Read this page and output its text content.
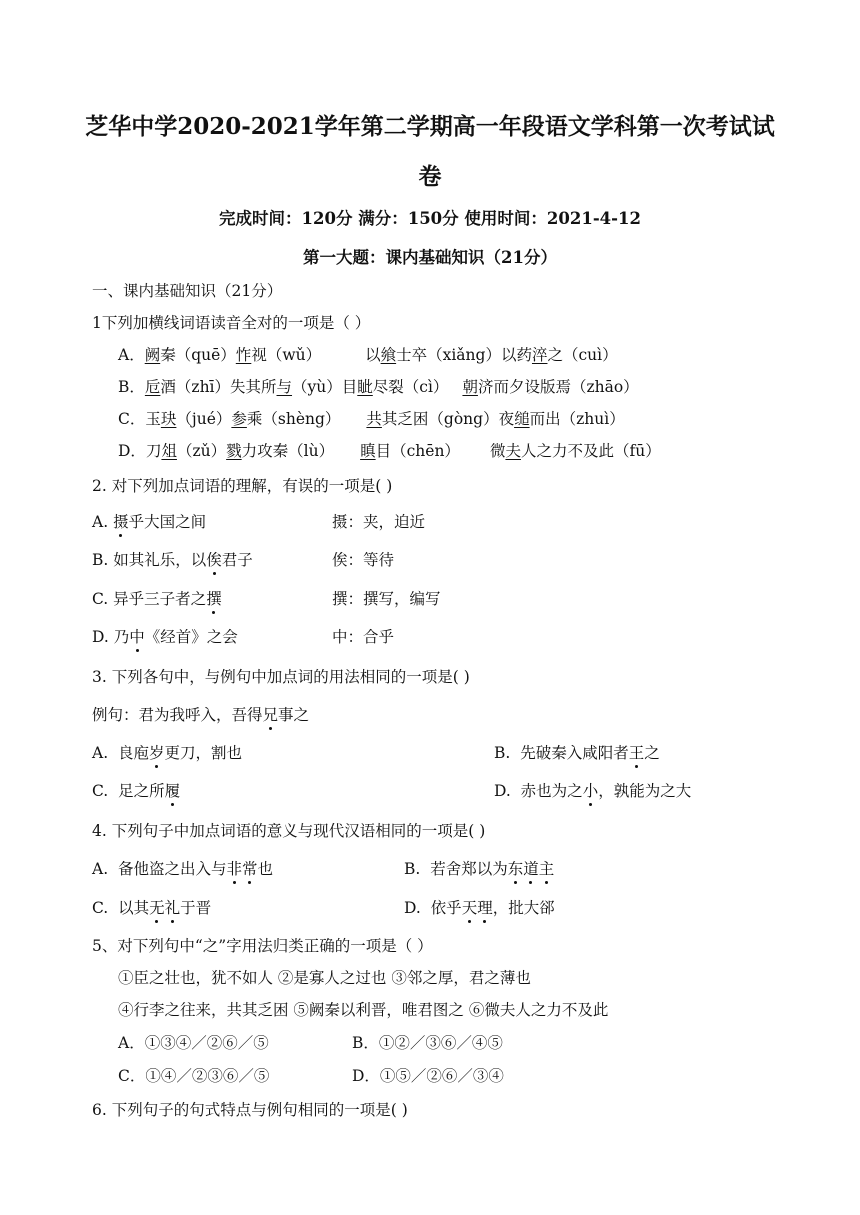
芝华中学2020-2021学年第二学期高一年段语文学科第一次考试试
卷
完成时间：120分 满分：150分 使用时间：2021-4-12
第一大题：课内基础知识（21分）
一、课内基础知识（21分）
1下列加横线词语读音全对的一项是（ ）
A．阙秦（quē）怍视（wǔ）	以飨士卒（xiǎng）以药淬之（cuì）
B．卮酒（zhī）失其所与（yù）目眦尽裂（cì） 朝济而夕设版焉（zhāo）
C．玉玦（jué）参乘（shèng） 共其乏困（gòng）夜缒而出（zhuì）
D．刀俎（zǔ）戮力攻秦（lù） 瞋目（chēn） 微夫人之力不及此（fū）
2. 对下列加点词语的理解，有误的一项是( )
A. 摄乎大国之间	摄：夹，迫近
B. 如其礼乐，以俟君子	俟：等待
C. 异乎三子者之撰	撰：撰写，编写
D. 乃中《经首》之会	中：合乎
3. 下列各句中，与例句中加点词的用法相同的一项是( )
例句：君为我呼入，吾得兄事之
A. 良庖岁更刀，割也	B. 先破秦入咸阳者王之
C. 足之所履	D. 赤也为之小，孰能为之大
4. 下列句子中加点词语的意义与现代汉语相同的一项是( )
A. 备他盗之出入与非常也	B. 若舍郑以为东道主
C. 以其无礼于晋	D. 依乎天理，批大郤
5、对下列句中“之”字用法归类正确的一项是（ ）
①臣之壮也，犹不如人 ②是寡人之过也 ③邻之厚，君之薄也
④行李之往来，共其乏困 ⑤阙秦以利晋，唯君图之 ⑥微夫人之力不及此
A．①③④／②⑥／⑤	B．①②／③⑥／④⑤
C．①④／②③⑥／⑤	D．①⑤／②⑥／③④
6. 下列句子的句式特点与例句相同的一项是( )
